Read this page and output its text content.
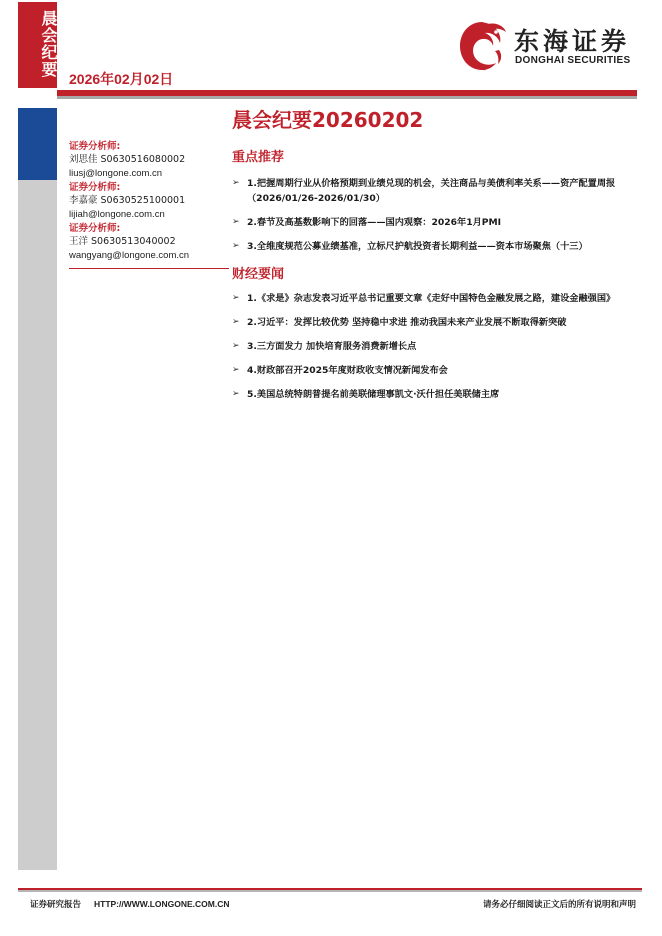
晨会纪要
2026年02月02日
东海证券
DONGHAI SECURITIES
证券分析师:
刘思佳 S0630516080002
liusj@longone.com.cn
证券分析师:
李嘉豪 S0630525100001
lijiah@longone.com.cn
证券分析师:
王洋 S0630513040002
wangyang@longone.com.cn
晨会纪要20260202
重点推荐
➢ 1.把握周期行业从价格预期到业绩兑现的机会，关注商品与美债利率关系——资产配置周报（2026/01/26-2026/01/30）
➢ 2.春节及高基数影响下的回落——国内观察：2026年1月PMI
➢ 3.全维度规范公募业绩基准，立标尺护航投资者长期利益——资本市场聚焦（十三）
财经要闻
➢ 1.《求是》杂志发表习近平总书记重要文章《走好中国特色金融发展之路，建设金融强国》
➢ 2.习近平：发挥比较优势 坚持稳中求进 推动我国未来产业发展不断取得新突破
➢ 3.三方面发力 加快培育服务消费新增长点
➢ 4.财政部召开2025年度财政收支情况新闻发布会
➢ 5.美国总统特朗普提名前美联储理事凯文·沃什担任美联储主席
证券研究报告 HTTP://WWW.LONGONE.COM.CN	请务必仔细阅读正文后的所有说明和声明
